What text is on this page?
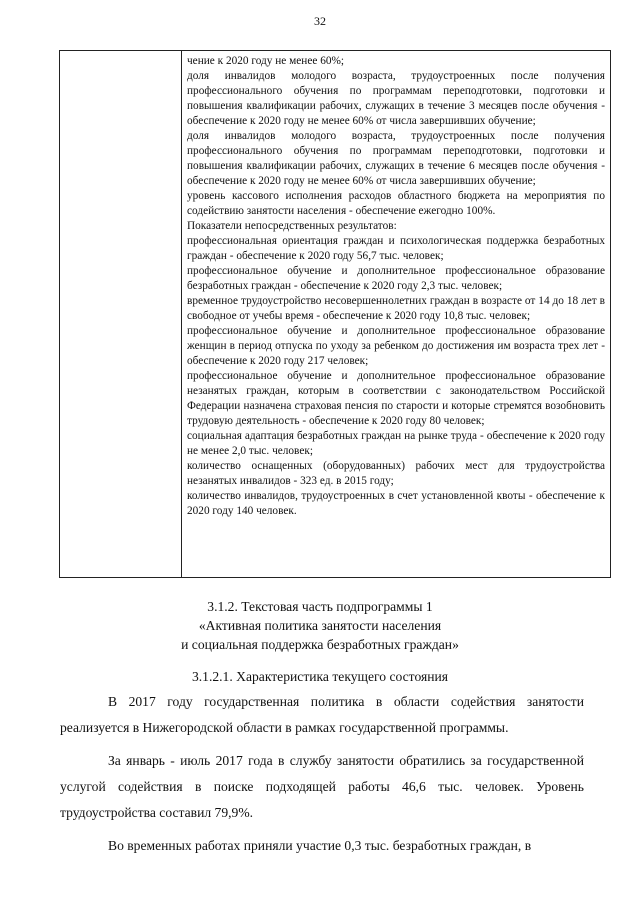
32

чение к 2020 году не менее 60%;

доля инвалидов молодого возраста, трудоустроенных после получения профессионального обучения по программам переподготовки, подготовки и повышения квалификации рабочих, служащих в течение 3 месяцев после обучения - обеспечение к 2020 году не менее 60% от числа завершивших обучение;

доля инвалидов молодого возраста, трудоустроенных после получения профессионального обучения по программам переподготовки, подготовки и повышения квалификации рабочих, служащих в течение 6 месяцев после обучения - обеспечение к 2020 году не менее 60% от числа завершивших обучение;

уровень кассового исполнения расходов областного бюджета на мероприятия по содействию занятости населения - обеспечение ежегодно 100%.

Показатели непосредственных результатов:

профессиональная ориентация граждан и психологическая поддержка безработных граждан - обеспечение к 2020 году 56,7 тыс. человек;

профессиональное обучение и дополнительное профессиональное образование безработных граждан - обеспечение к 2020 году 2,3 тыс. человек;

временное трудоустройство несовершеннолетних граждан в возрасте от 14 до 18 лет в свободное от учебы время - обеспечение к 2020 году 10,8 тыс. человек;

профессиональное обучение и дополнительное профессиональное образование женщин в период отпуска по уходу за ребенком до достижения им возраста трех лет - обеспечение к 2020 году 217 человек;

профессиональное обучение и дополнительное профессиональное образование незанятых граждан, которым в соответствии с законодательством Российской Федерации назначена страховая пенсия по старости и которые стремятся возобновить трудовую деятельность - обеспечение к 2020 году 80 человек;

социальная адаптация безработных граждан на рынке труда - обеспечение к 2020 году не менее 2,0 тыс. человек;

количество оснащенных (оборудованных) рабочих мест для трудоустройства незанятых инвалидов - 323 ед. в 2015 году;

количество инвалидов, трудоустроенных в счет установленной квоты - обеспечение к 2020 году 140 человек.

3.1.2. Текстовая часть подпрограммы 1
«Активная политика занятости населения
и социальная поддержка безработных граждан»
3.1.2.1. Характеристика текущего состояния

В 2017 году государственная политика в области содействия занятости реализуется в Нижегородской области в рамках государственной программы.

За январь - июль 2017 года в службу занятости обратились за государственной услугой содействия в поиске подходящей работы 46,6 тыс. человек. Уровень трудоустройства составил 79,9%.

Во временных работах приняли участие 0,3 тыс. безработных граждан, в
